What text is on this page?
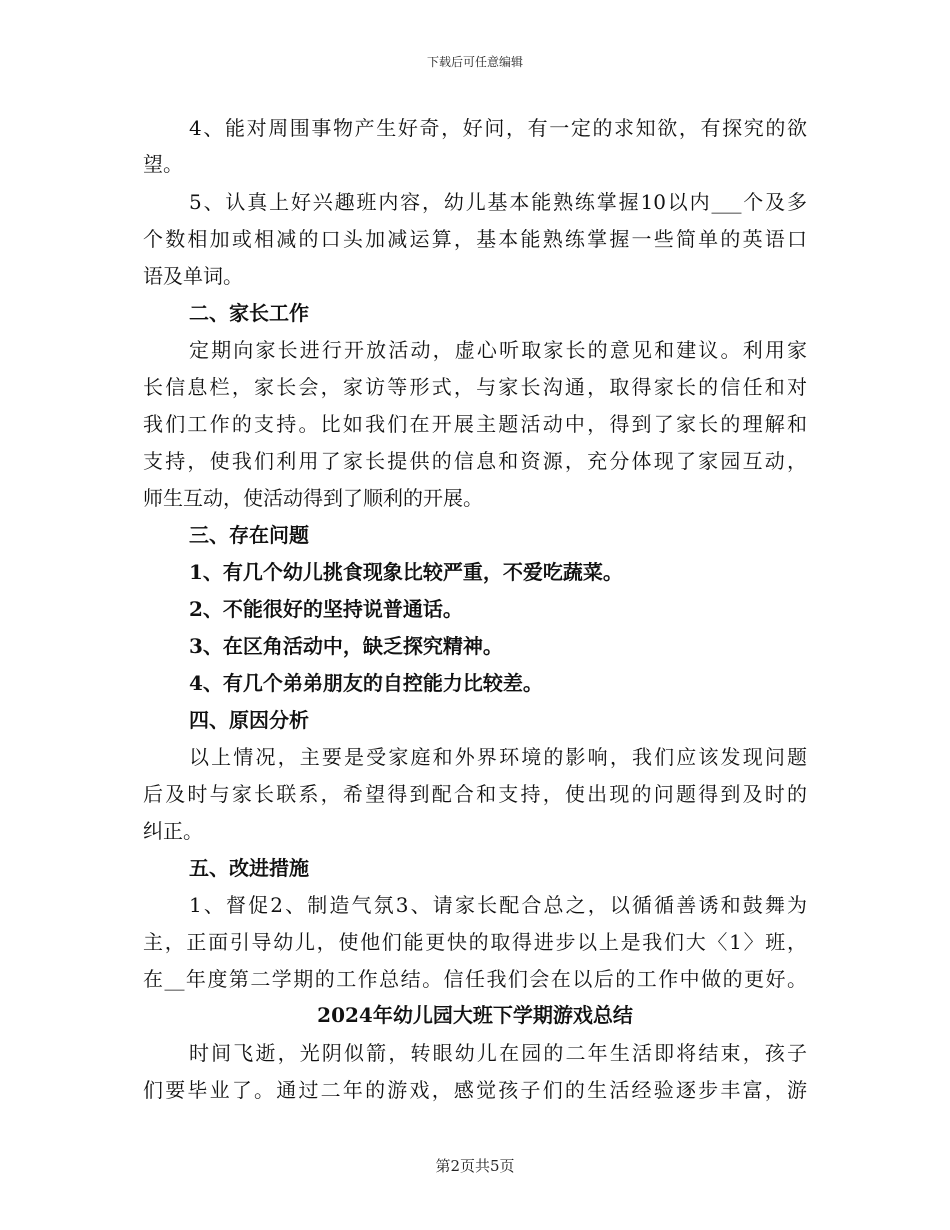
下载后可任意编辑
4、能对周围事物产生好奇，好问，有一定的求知欲，有探究的欲
望。
5、认真上好兴趣班内容，幼儿基本能熟练掌握10以内___个及多
个数相加或相减的口头加减运算，基本能熟练掌握一些简单的英语口
语及单词。
二、家长工作
定期向家长进行开放活动，虚心听取家长的意见和建议。利用家
长信息栏，家长会，家访等形式，与家长沟通，取得家长的信任和对
我们工作的支持。比如我们在开展主题活动中，得到了家长的理解和
支持，使我们利用了家长提供的信息和资源，充分体现了家园互动，
师生互动，使活动得到了顺利的开展。
三、存在问题
1、有几个幼儿挑食现象比较严重，不爱吃蔬菜。
2、不能很好的坚持说普通话。
3、在区角活动中，缺乏探究精神。
4、有几个弟弟朋友的自控能力比较差。
四、原因分析
以上情况，主要是受家庭和外界环境的影响，我们应该发现问题
后及时与家长联系，希望得到配合和支持，使出现的问题得到及时的
纠正。
五、改进措施
1、督促2、制造气氛3、请家长配合总之，以循循善诱和鼓舞为
主，正面引导幼儿，使他们能更快的取得进步以上是我们大〈1〉班，
在__年度第二学期的工作总结。信任我们会在以后的工作中做的更好。
2024年幼儿园大班下学期游戏总结
时间飞逝，光阴似箭，转眼幼儿在园的二年生活即将结束，孩子
们要毕业了。通过二年的游戏，感觉孩子们的生活经验逐步丰富，游
第2页共5页
